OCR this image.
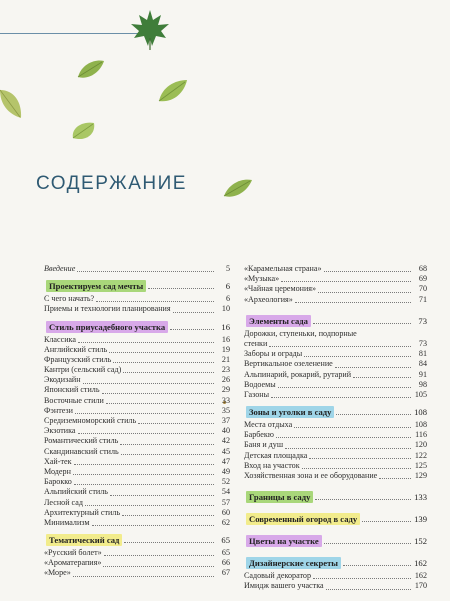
СОДЕРЖАНИЕ
Введение	5
Проектируем сад мечты	6
С чего начать?	6
Приемы и технологии планирования	10
Стиль приусадебного участка	16
Классика	16
Английский стиль	19
Французский стиль	21
Кантри (сельский сад)	23
Экодизайн	26
Японский стиль	29
Восточные стили	33
Фэнтези	35
Средиземноморский стиль	37
Экзотика	40
Романтический стиль	42
Скандинавский стиль	45
Хай-тек	47
Модерн	49
Барокко	52
Альпийский стиль	54
Лесной сад	57
Архитектурный стиль	60
Минимализм	62
Тематический сад	65
«Русский болет»	65
«Ароматерапия»	66
«Море»	67
«Карамельная страна»	68
«Музыка»	69
«Чайная церемония»	70
«Археология»	71
Элементы сада	73
Дорожки, ступеньки, подпорные
стенки	73
Заборы и ограды	81
Вертикальное озеленение	84
Альпинарий, рокарий, рутарий	91
Водоемы	98
Газоны	105
Зоны и уголки в саду	108
Места отдыха	108
Барбекю	116
Баня и душ	120
Детская площадка	122
Вход на участок	125
Хозяйственная зона и ее оборудование	129
Границы в саду	133
Современный огород в саду	139
Цветы на участке	152
Дизайнерские секреты	162
Садовый декоратор	162
Имидж вашего участка	170
